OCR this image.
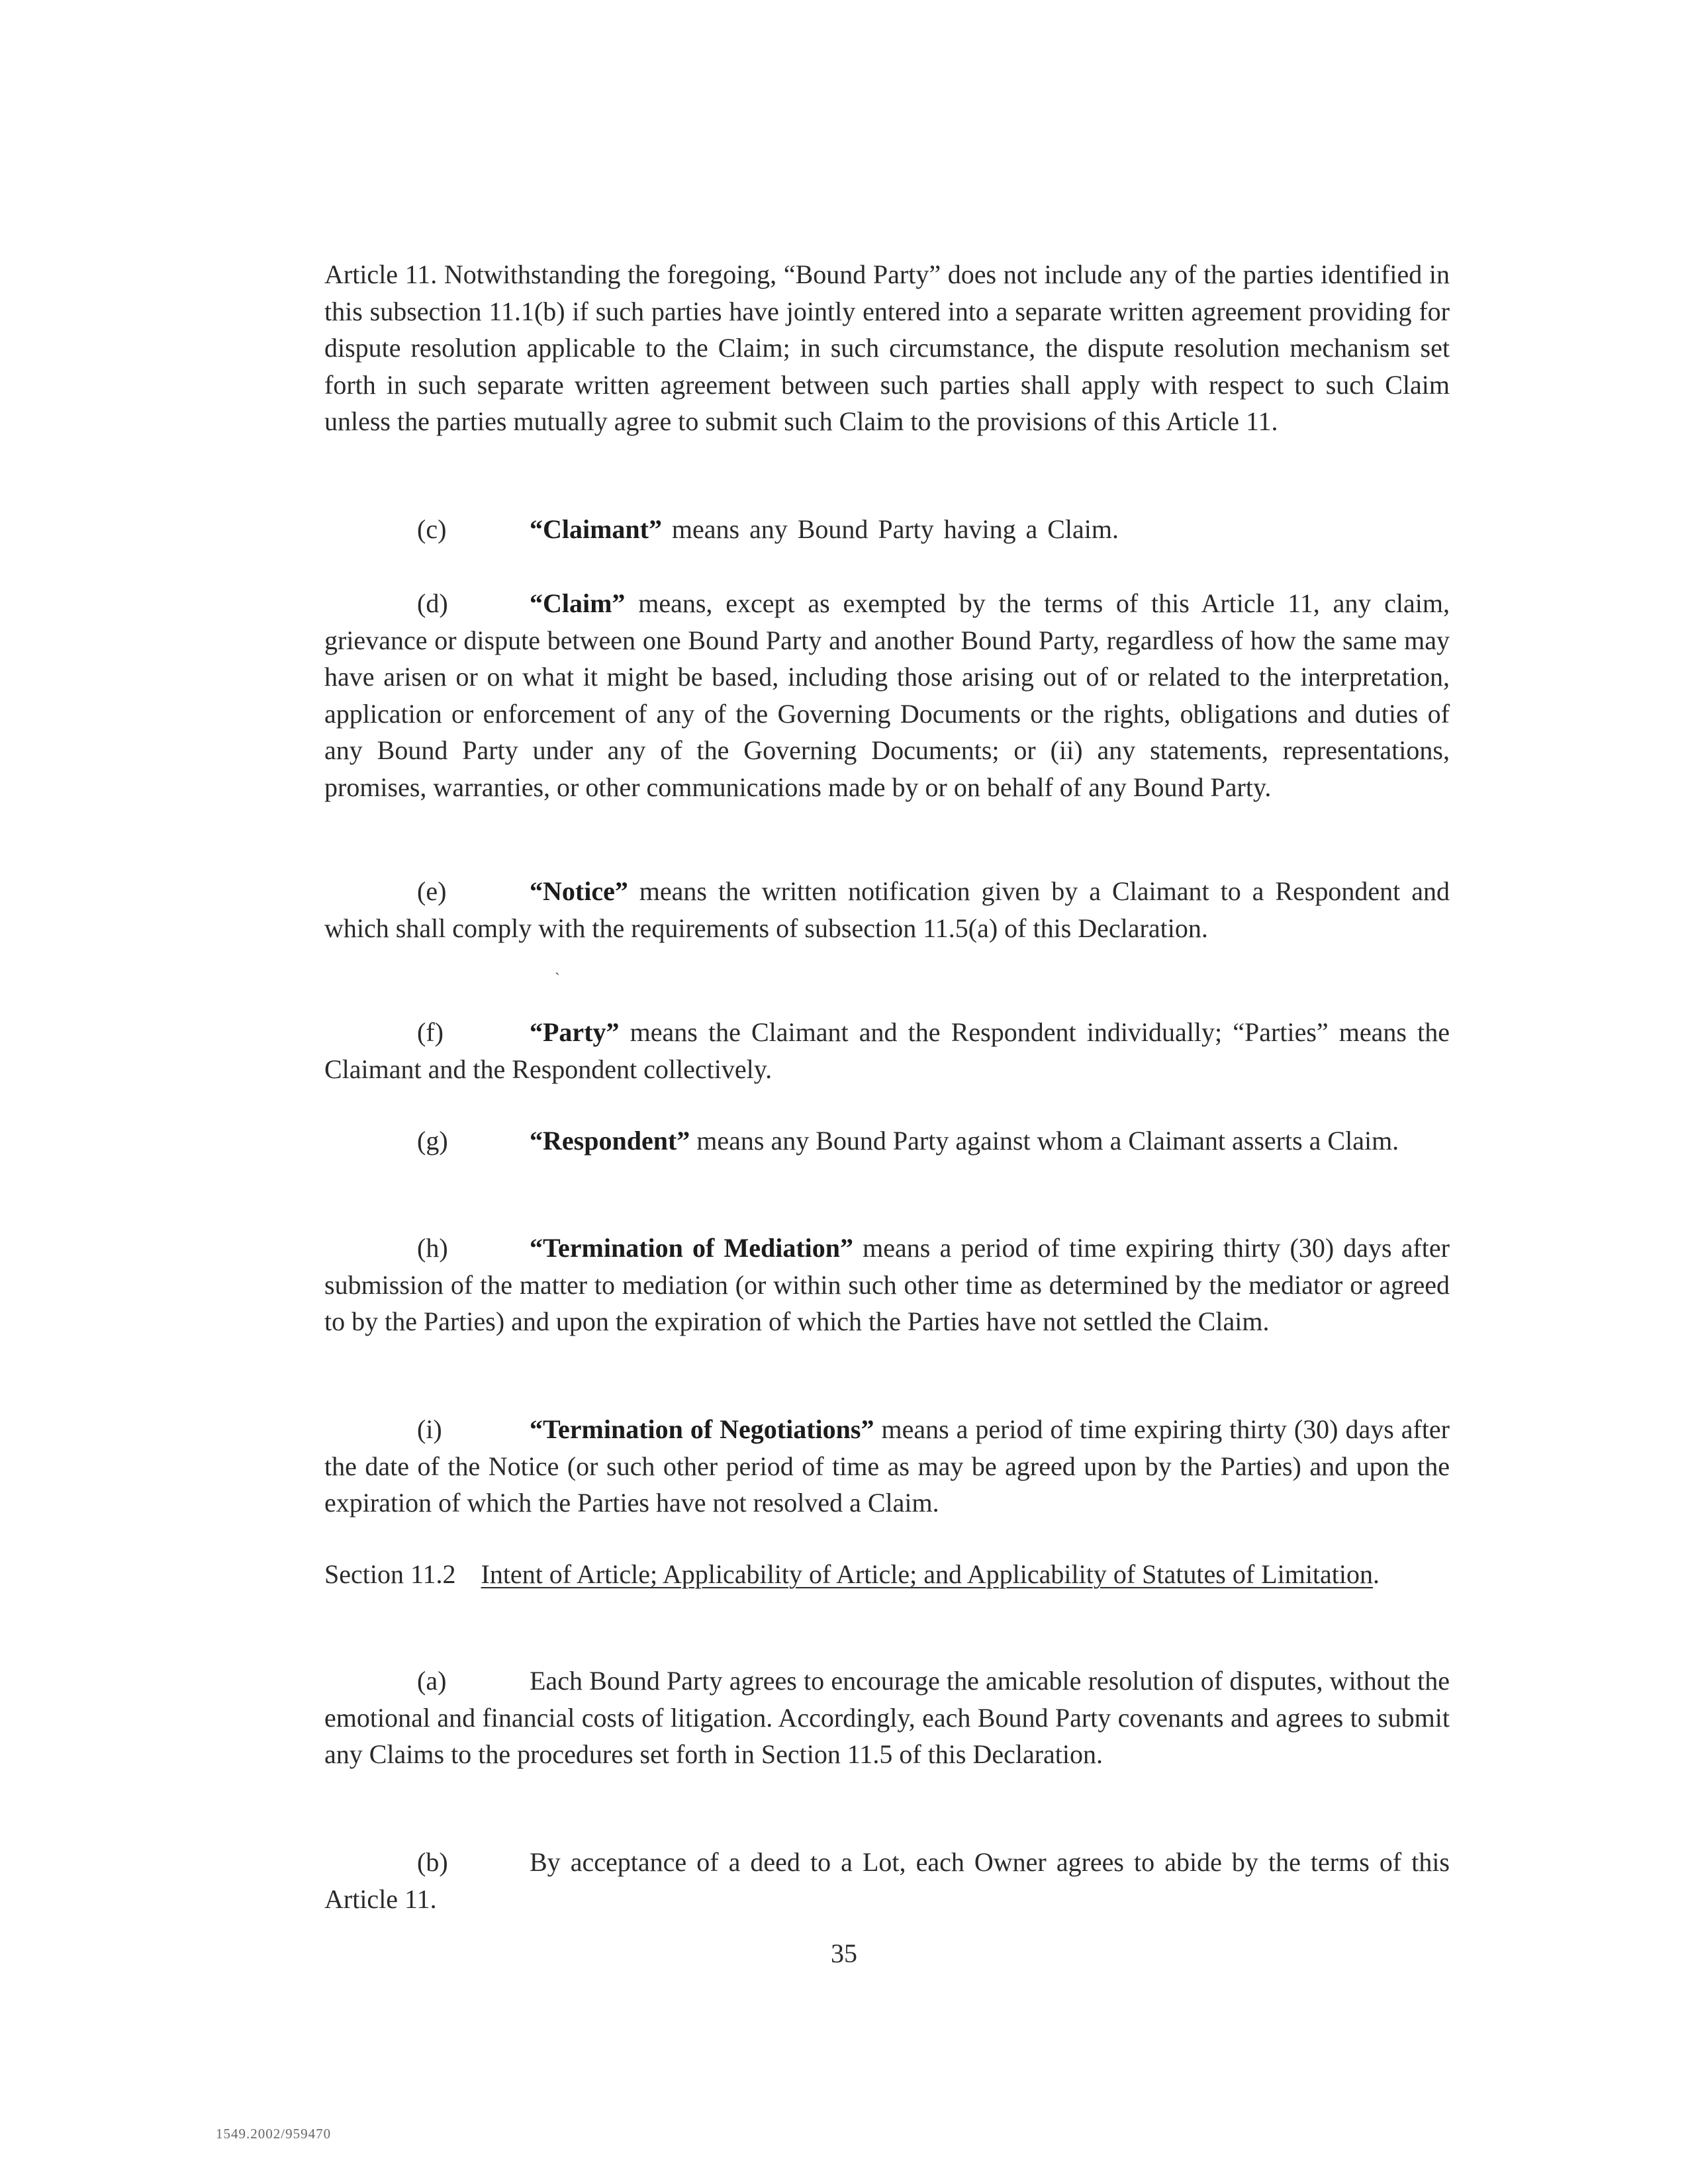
Article 11. Notwithstanding the foregoing, “Bound Party” does not include any of the parties identified in this subsection 11.1(b) if such parties have jointly entered into a separate written agreement providing for dispute resolution applicable to the Claim; in such circumstance, the dispute resolution mechanism set forth in such separate written agreement between such parties shall apply with respect to such Claim unless the parties mutually agree to submit such Claim to the provisions of this Article 11.

(c)	“Claimant” means any Bound Party having a Claim.

(d)	“Claim” means, except as exempted by the terms of this Article 11, any claim, grievance or dispute between one Bound Party and another Bound Party, regardless of how the same may have arisen or on what it might be based, including those arising out of or related to the interpretation, application or enforcement of any of the Governing Documents or the rights, obligations and duties of any Bound Party under any of the Governing Documents; or (ii) any statements, representations, promises, warranties, or other communications made by or on behalf of any Bound Party.

(e)	“Notice” means the written notification given by a Claimant to a Respondent and which shall comply with the requirements of subsection 11.5(a) of this Declaration.

ˏ

(f)	“Party” means the Claimant and the Respondent individually; “Parties” means the Claimant and the Respondent collectively.

(g)	“Respondent” means any Bound Party against whom a Claimant asserts a Claim.

(h)	“Termination of Mediation” means a period of time expiring thirty (30) days after submission of the matter to mediation (or within such other time as determined by the mediator or agreed to by the Parties) and upon the expiration of which the Parties have not settled the Claim.

(i)	“Termination of Negotiations” means a period of time expiring thirty (30) days after the date of the Notice (or such other period of time as may be agreed upon by the Parties) and upon the expiration of which the Parties have not resolved a Claim.

Section 11.2 Intent of Article; Applicability of Article; and Applicability of Statutes of Limitation.

(a)	Each Bound Party agrees to encourage the amicable resolution of disputes, without the emotional and financial costs of litigation. Accordingly, each Bound Party covenants and agrees to submit any Claims to the procedures set forth in Section 11.5 of this Declaration.

(b)	By acceptance of a deed to a Lot, each Owner agrees to abide by the terms of this Article 11.

35
1549.2002/959470
